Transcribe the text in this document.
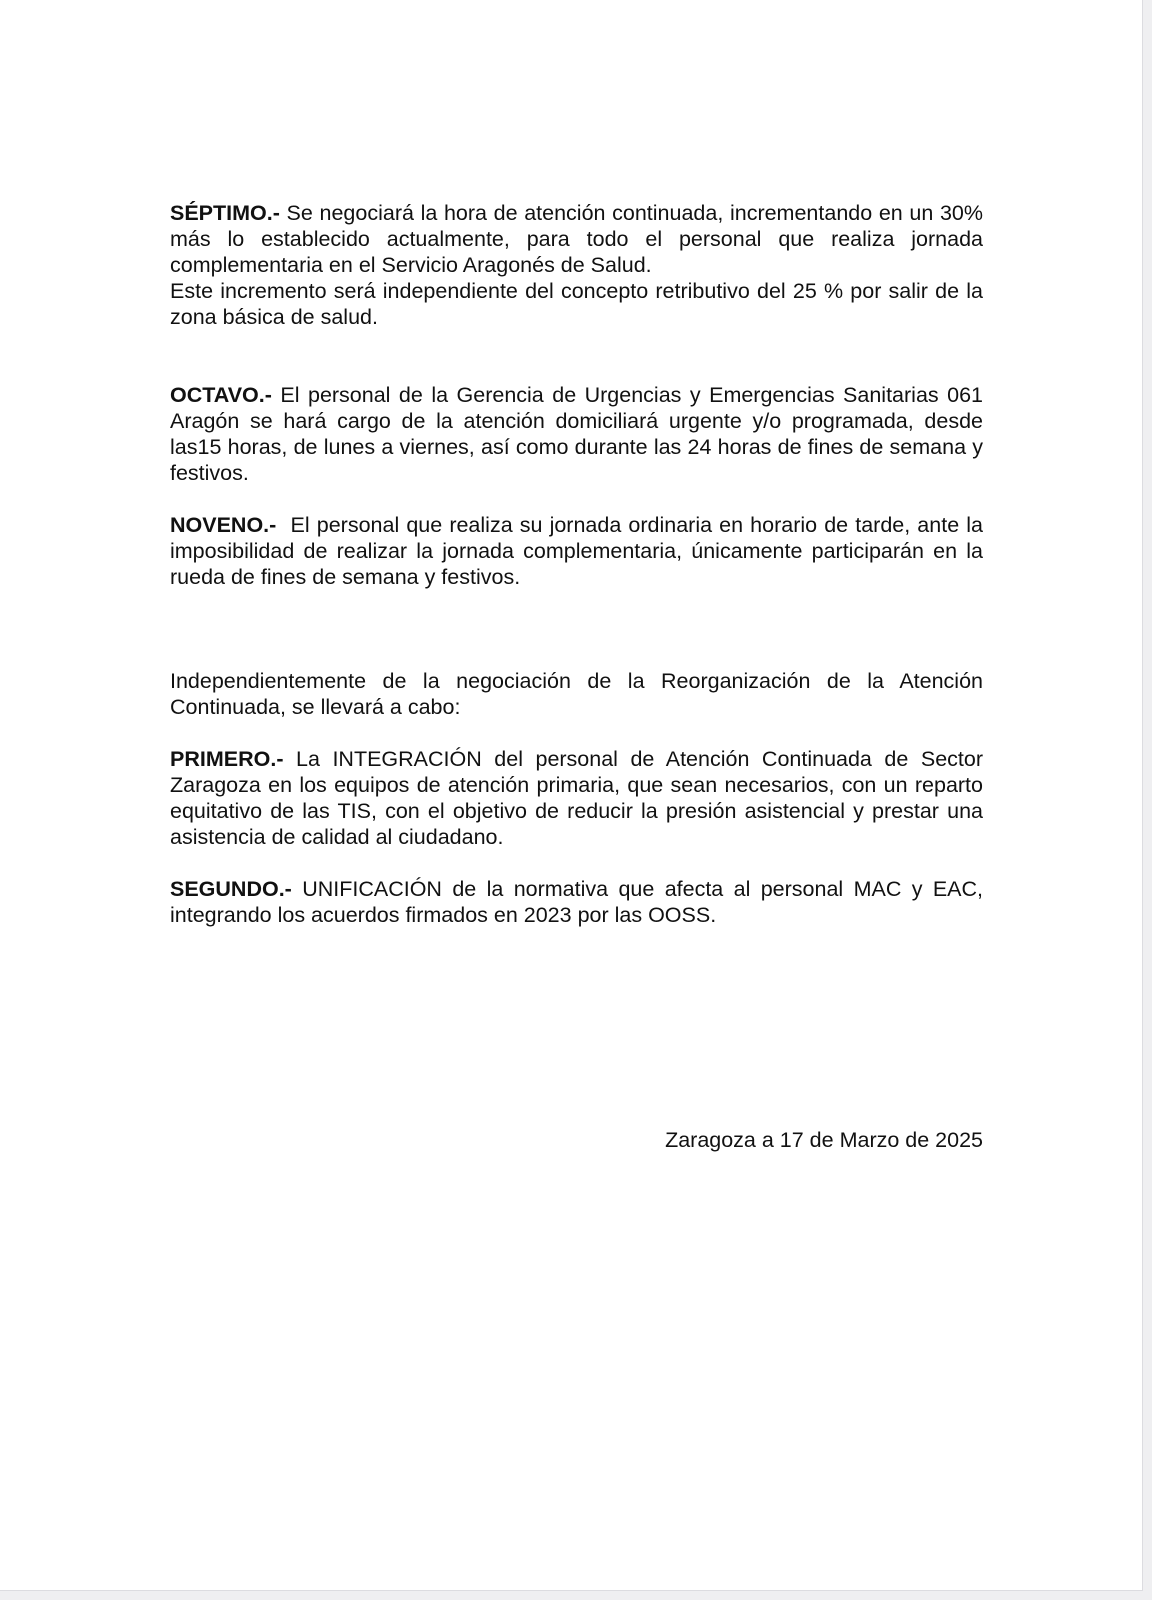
SÉPTIMO.- Se negociará la hora de atención continuada, incrementando en un 30% más lo establecido actualmente, para todo el personal que realiza jornada complementaria en el Servicio Aragonés de Salud.

Este incremento será independiente del concepto retributivo del 25 % por salir de la zona básica de salud.

OCTAVO.- El personal de la Gerencia de Urgencias y Emergencias Sanitarias 061 Aragón se hará cargo de la atención domiciliará urgente y/o programada, desde las15 horas, de lunes a viernes, así como durante las 24 horas de fines de semana y festivos.

NOVENO.-  El personal que realiza su jornada ordinaria en horario de tarde, ante la imposibilidad de realizar la jornada complementaria, únicamente participarán en la rueda de fines de semana y festivos.

Independientemente de la negociación de la Reorganización de la Atención Continuada, se llevará a cabo:

PRIMERO.- La INTEGRACIÓN del personal de Atención Continuada de Sector Zaragoza en los equipos de atención primaria, que sean necesarios, con un reparto equitativo de las TIS, con el objetivo de reducir la presión asistencial y prestar una asistencia de calidad al ciudadano.

SEGUNDO.- UNIFICACIÓN de la normativa que afecta al personal MAC y EAC, integrando los acuerdos firmados en 2023 por las OOSS.

Zaragoza a 17 de Marzo de 2025
